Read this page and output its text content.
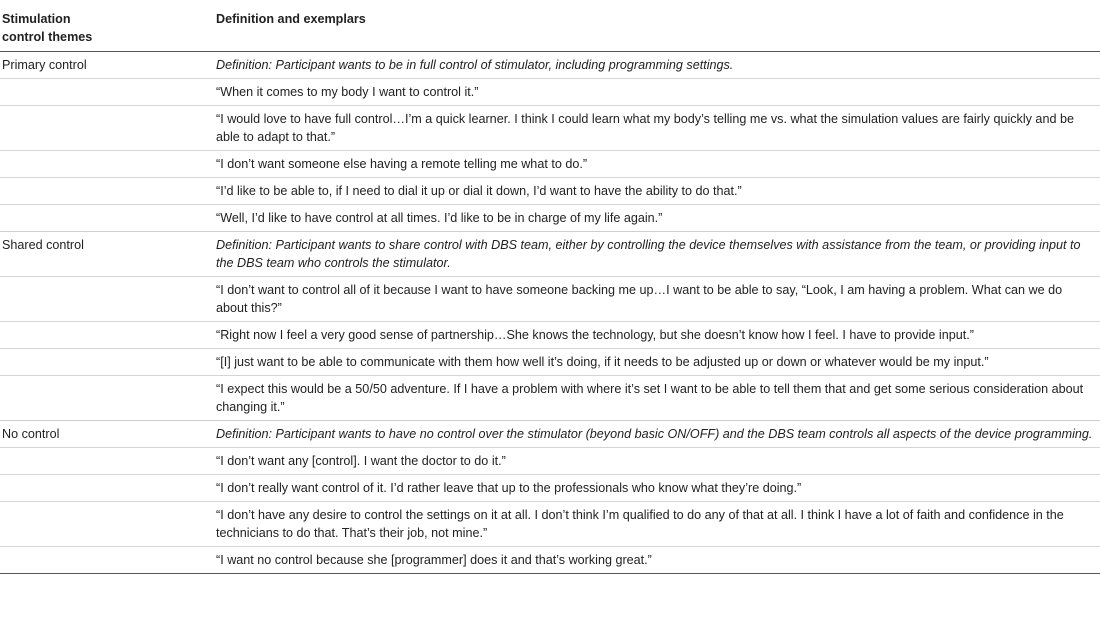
Stimulation
control themes	Definition and exemplars
Primary control	Definition: Participant wants to be in full control of stimulator, including programming settings.
	“When it comes to my body I want to control it.”
	“I would love to have full control…I’m a quick learner. I think I could learn what my body’s telling me vs. what the simulation values are fairly quickly and be able to adapt to that.”
	“I don’t want someone else having a remote telling me what to do.”
	“I’d like to be able to, if I need to dial it up or dial it down, I’d want to have the ability to do that.”
	“Well, I’d like to have control at all times. I’d like to be in charge of my life again.”
Shared control	Definition: Participant wants to share control with DBS team, either by controlling the device themselves with assistance from the team, or providing input to the DBS team who controls the stimulator.
	“I don’t want to control all of it because I want to have someone backing me up…I want to be able to say, “Look, I am having a problem. What can we do about this?”
	“Right now I feel a very good sense of partnership…She knows the technology, but she doesn’t know how I feel. I have to provide input.”
	“[I] just want to be able to communicate with them how well it’s doing, if it needs to be adjusted up or down or whatever would be my input.”
	“I expect this would be a 50/50 adventure. If I have a problem with where it’s set I want to be able to tell them that and get some serious consideration about changing it.”
No control	Definition: Participant wants to have no control over the stimulator (beyond basic ON/OFF) and the DBS team controls all aspects of the device programming.
	“I don’t want any [control]. I want the doctor to do it.”
	“I don’t really want control of it. I’d rather leave that up to the professionals who know what they’re doing.”
	“I don’t have any desire to control the settings on it at all. I don’t think I’m qualified to do any of that at all. I think I have a lot of faith and confidence in the technicians to do that. That’s their job, not mine.”
	“I want no control because she [programmer] does it and that’s working great.”
